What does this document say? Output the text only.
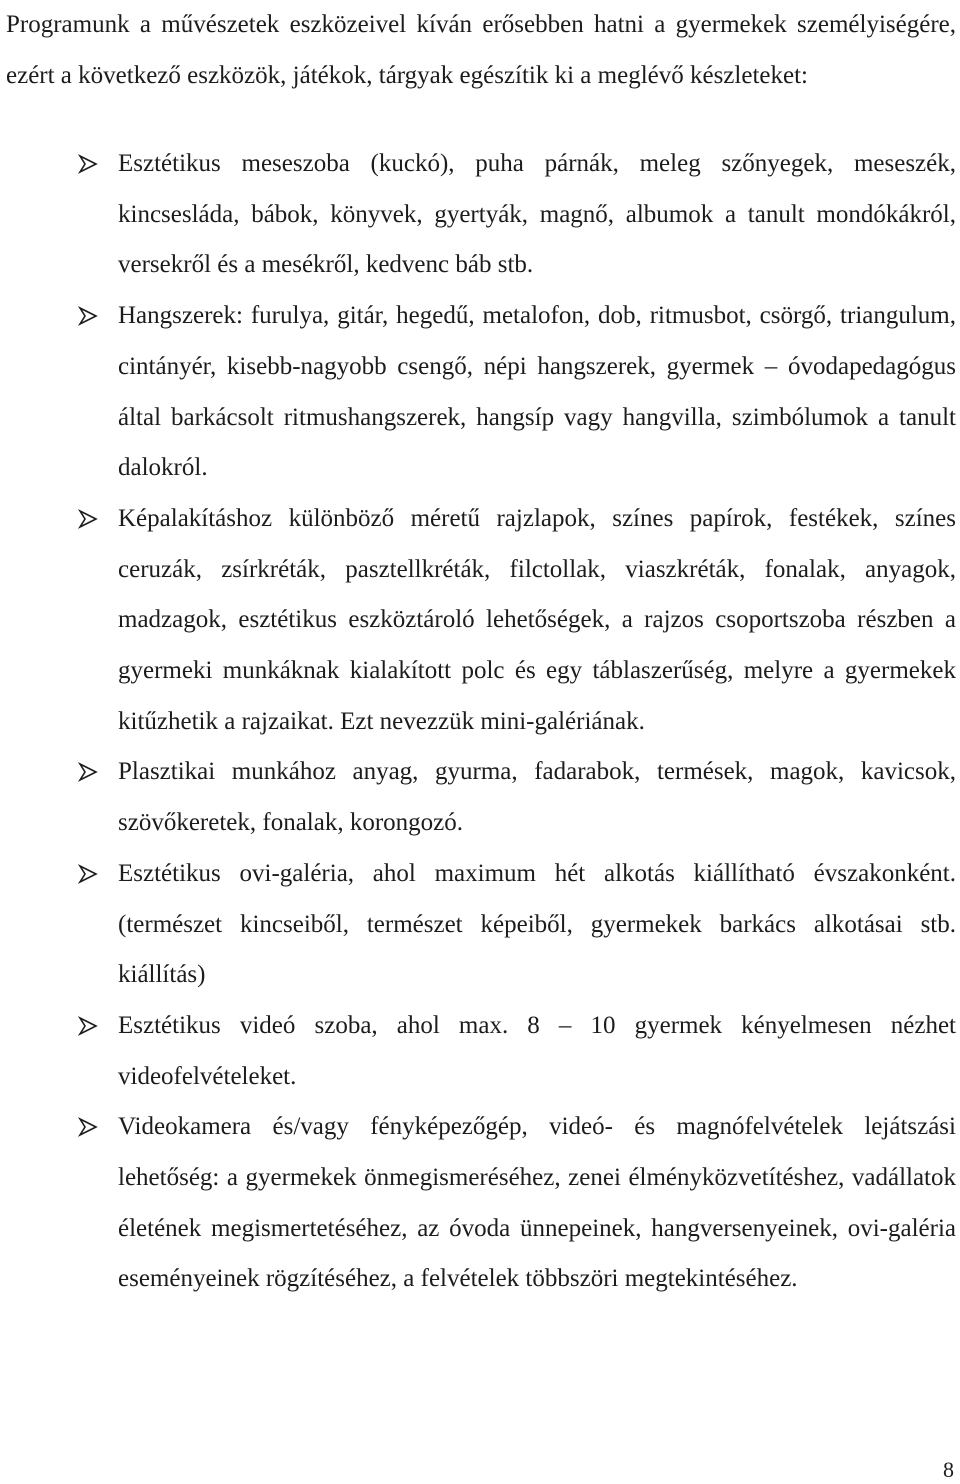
Programunk a művészetek eszközeivel kíván erősebben hatni a gyermekek személyiségére, ezért a következő eszközök, játékok, tárgyak egészítik ki a meglévő készleteket:

Esztétikus meseszoba (kuckó), puha párnák, meleg szőnyegek, meseszék, kincsesláda, bábok, könyvek, gyertyák, magnő, albumok a tanult mondókákról, versekről és a mesékről, kedvenc báb stb.
Hangszerek: furulya, gitár, hegedű, metalofon, dob, ritmusbot, csörgő, triangulum, cintányér, kisebb-nagyobb csengő, népi hangszerek, gyermek – óvodapedagógus által barkácsolt ritmushangszerek, hangsíp vagy hangvilla, szimbólumok a tanult dalokról.
Képalakításhoz különböző méretű rajzlapok, színes papírok, festékek, színes ceruzák, zsírkréták, pasztellkréták, filctollak, viaszkréták, fonalak, anyagok, madzagok, esztétikus eszköztároló lehetőségek, a rajzos csoportszoba részben a gyermeki munkáknak kialakított polc és egy táblaszerűség, melyre a gyermekek kitűzhetik a rajzaikat. Ezt nevezzük mini-galériának.
Plasztikai munkához anyag, gyurma, fadarabok, termések, magok, kavicsok, szövőkeretek, fonalak, korongozó.
Esztétikus ovi-galéria, ahol maximum hét alkotás kiállítható évszakonként.(természet kincseiből, természet képeiből, gyermekek barkács alkotásai stb. kiállítás)
Esztétikus videó szoba, ahol max. 8 – 10 gyermek kényelmesen nézhet videofelvételeket.
Videokamera és/vagy fényképezőgép, videó- és magnófelvételek lejátszási lehetőség: a gyermekek önmegismeréséhez, zenei élményközvetítéshez, vadállatok életének megismertetéséhez, az óvoda ünnepeinek, hangversenyeinek, ovi-galéria eseményeinek rögzítéséhez, a felvételek többszöri megtekintéséhez.

8
